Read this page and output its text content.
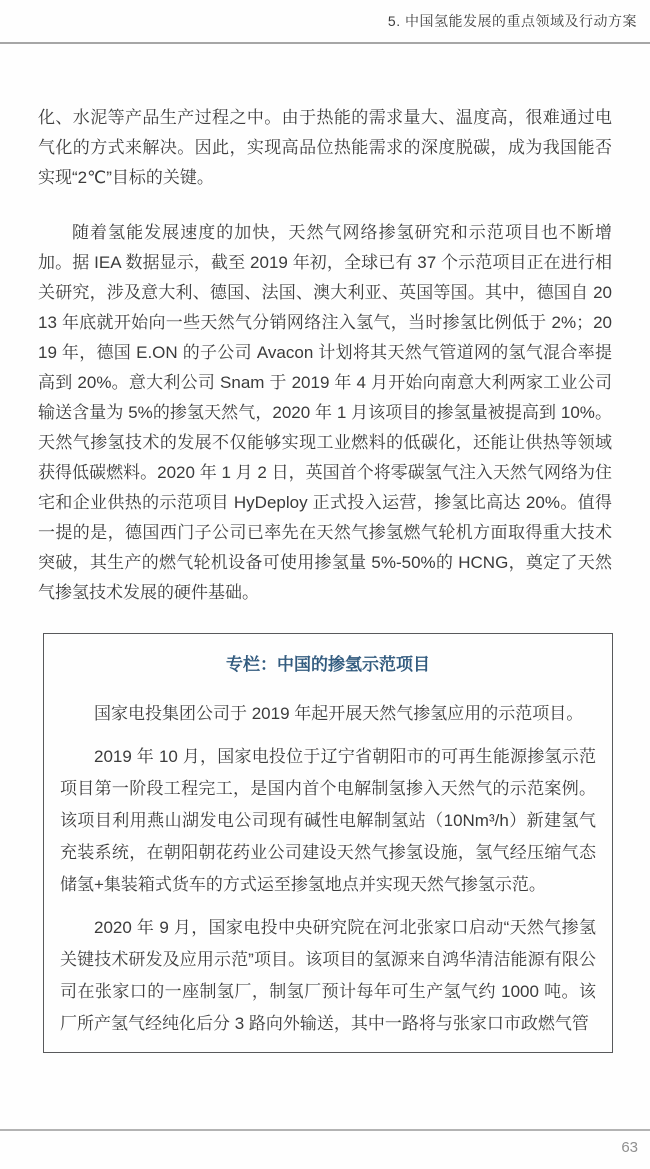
5. 中国氢能发展的重点领域及行动方案

化、水泥等产品生产过程之中。由于热能的需求量大、温度高，很难通过电气化的方式来解决。因此，实现高品位热能需求的深度脱碳，成为我国能否实现“2℃”目标的关键。

随着氢能发展速度的加快，天然气网络掺氢研究和示范项目也不断增加。据 IEA 数据显示，截至 2019 年初，全球已有 37 个示范项目正在进行相关研究，涉及意大利、德国、法国、澳大利亚、英国等国。其中，德国自 2013 年底就开始向一些天然气分销网络注入氢气，当时掺氢比例低于 2%；2019 年，德国 E.ON 的子公司 Avacon 计划将其天然气管道网的氢气混合率提高到 20%。意大利公司 Snam 于 2019 年 4 月开始向南意大利两家工业公司输送含量为 5%的掺氢天然气，2020 年 1 月该项目的掺氢量被提高到 10%。天然气掺氢技术的发展不仅能够实现工业燃料的低碳化，还能让供热等领域获得低碳燃料。2020 年 1 月 2 日，英国首个将零碳氢气注入天然气网络为住宅和企业供热的示范项目 HyDeploy 正式投入运营，掺氢比高达 20%。值得一提的是，德国西门子公司已率先在天然气掺氢燃气轮机方面取得重大技术突破，其生产的燃气轮机设备可使用掺氢量 5%-50%的 HCNG，奠定了天然气掺氢技术发展的硬件基础。

专栏：中国的掺氢示范项目

国家电投集团公司于 2019 年起开展天然气掺氢应用的示范项目。

2019 年 10 月，国家电投位于辽宁省朝阳市的可再生能源掺氢示范项目第一阶段工程完工，是国内首个电解制氢掺入天然气的示范案例。该项目利用燕山湖发电公司现有碱性电解制氢站（10Nm³/h）新建氢气充装系统，在朝阳朝花药业公司建设天然气掺氢设施，氢气经压缩气态储氢+集装箱式货车的方式运至掺氢地点并实现天然气掺氢示范。

2020 年 9 月，国家电投中央研究院在河北张家口启动“天然气掺氢关键技术研发及应用示范”项目。该项目的氢源来自鸿华清洁能源有限公司在张家口的一座制氢厂，制氢厂预计每年可生产氢气约 1000 吨。该厂所产氢气经纯化后分 3 路向外输送，其中一路将与张家口市政燃气管

63
